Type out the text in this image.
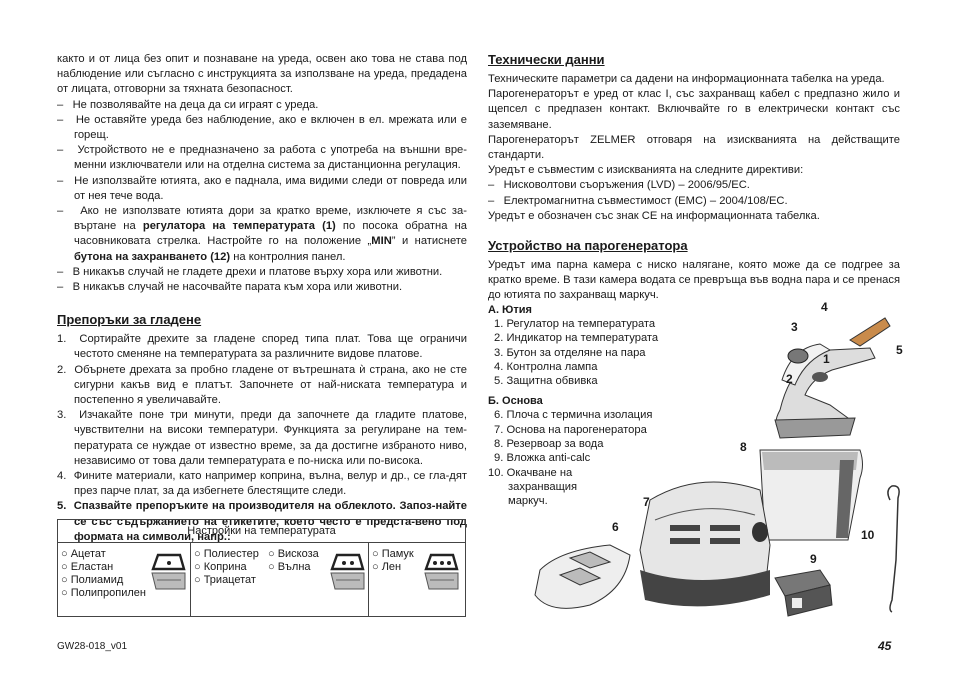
както и от лица без опит и познаване на уреда, освен ако това не става под наблюдение или съгласно с инструкцията за използване на уреда, предадена от лицата, отговорни за тяхната безопасност.

– Не позволявайте на деца да си играят с уреда.

– Не оставяйте уреда без наблюдение, ако е включен в ел. мрежата или е горещ.

– Устройството не е предназначено за работа с употреба на външни вре-менни изключватели или на отделна система за дистанционна регулация.

– Не използвайте ютията, ако е паднала, има видими следи от повреда или от нея тече вода.

– Ако не използвате ютията дори за кратко време, изключете я със за-въртане на регулатора на температурата (1) по посока обратна на часовниковата стрелка. Настройте го на положение „MIN” и натиснете бутона на захранването (12) на контролния панел.

– В никакъв случай не гладете дрехи и платове върху хора или животни.

– В никакъв случай не насочвайте парата към хора или животни.

Препоръки за гладене

1. Сортирайте дрехите за гладене според типа плат. Това ще ограничи честото сменяне на температурата за различните видове платове.

2. Обърнете дрехата за пробно гладене от вътрешната ѝ страна, ако не сте сигурни какъв вид е платът. Започнете от най-ниската температура и постепенно я увеличавайте.

3. Изчакайте поне три минути, преди да започнете да гладите платове, чувствителни на високи температури. Функцията за регулиране на тем-пературата се нуждае от известно време, за да достигне избраното ниво, независимо от това дали температурата е по-ниска или по-висока.

4. Финитe материали, като например коприна, вълна, велур и др., се гла-дят през парче плат, за да избегнете блестящите следи.

5. Спазвайте препоръките на производителя на облеклото. Запоз-найте се със съдържанието на етикетите, което често е предста-вено под формата на символи, напр.:

Настройки на температурата
○ Ацетат
○ Еластан
○ Полиамид
○ Полипропилен
○ Полиестер
○ Коприна
○ Триацетат
○ Вискоза
○ Вълна
○ Памук
○ Лен
Технически данни

Техническите параметри са дадени на информационната табелка на уреда.

Парогенераторът е уред от клас I, със захранващ кабел с предпазно жило и щепсел с предпазен контакт. Включвайте го в електрически контакт със заземяване.

Парогенераторът ZELMER отговаря на изискванията на действащите стандарти.

Уредът е съвместим с изискванията на следните директиви:

– Нисковолтови съоръжения (LVD) – 2006/95/EC.

– Електромагнитна съвместимост (EMC) – 2004/108/EC.

Уредът е обозначен със знак CE на информационната табелка.

Устройство на парогенератора

Уредът има парна камера с ниско налягане, която може да се подгрее за кратко време. В тази камера водата се превръща във водна пара и се пренася до ютията по захранващ маркуч.

А. Ютия
1. Регулатор на температурата
2. Индикатор на температурата
3. Бутон за отделяне на пара
4. Контролна лампа
5. Защитна обвивка
Б. Основа
6. Плоча с термична изолация
7. Основа на парогенератора
8. Резервоар за вода
9. Вложка anti-calc
10. Окачване на
захранващия
маркуч.
4
3
5
1
2
8
7
6
9
10
GW28-018_v01	45
